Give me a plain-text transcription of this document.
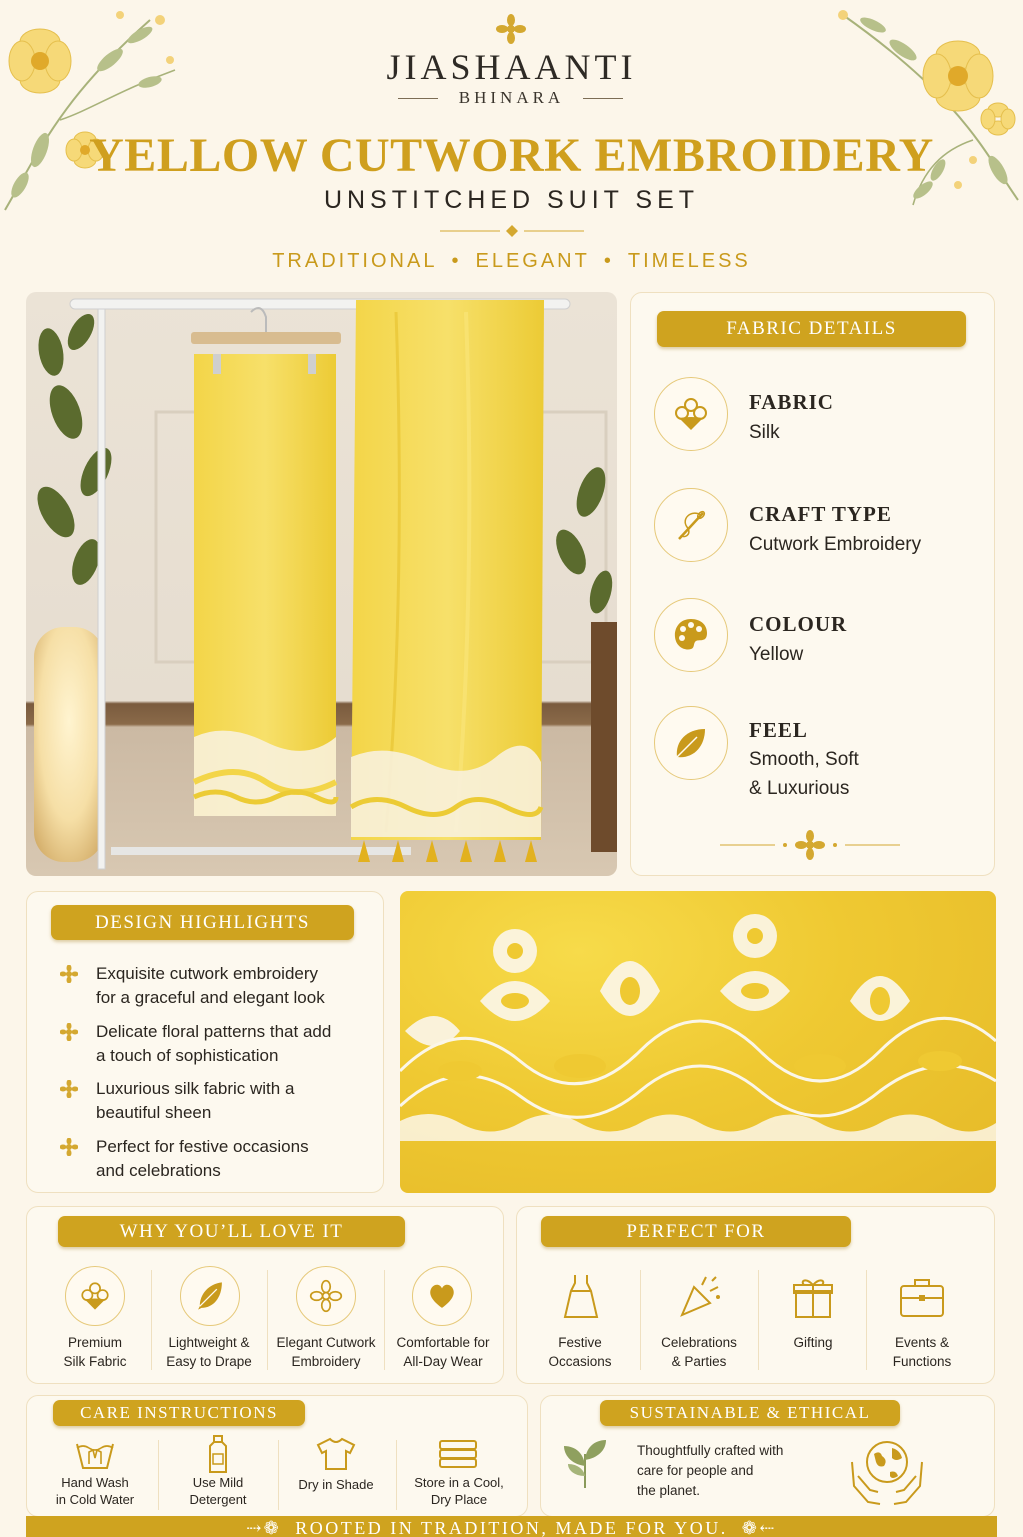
JIASHAANTI
BHINARA
YELLOW CUTWORK EMBROIDERY
UNSTITCHED SUIT SET
TRADITIONAL • ELEGANT • TIMELESS
FABRIC DETAILS
FABRIC
Silk
CRAFT TYPE
Cutwork Embroidery
COLOUR
Yellow
FEEL
Smooth, Soft
& Luxurious
DESIGN HIGHLIGHTS
Exquisite cutwork embroidery
for a graceful and elegant look
Delicate floral patterns that add
a touch of sophistication
Luxurious silk fabric with a
beautiful sheen
Perfect for festive occasions
and celebrations
WHY YOU’LL LOVE IT
Premium
Silk Fabric
Lightweight &
Easy to Drape
Elegant Cutwork
Embroidery
Comfortable for
All-Day Wear
PERFECT FOR
Festive
Occasions
Celebrations
& Parties
Gifting	Events &
Functions
CARE INSTRUCTIONS
Hand Wash
in Cold Water
Use Mild
Detergent
Dry in Shade	Store in a Cool,
Dry Place
SUSTAINABLE & ETHICAL
Thoughtfully crafted with
care for people and
the planet.
⇢❁ ROOTED IN TRADITION, MADE FOR YOU. ❁⇠
